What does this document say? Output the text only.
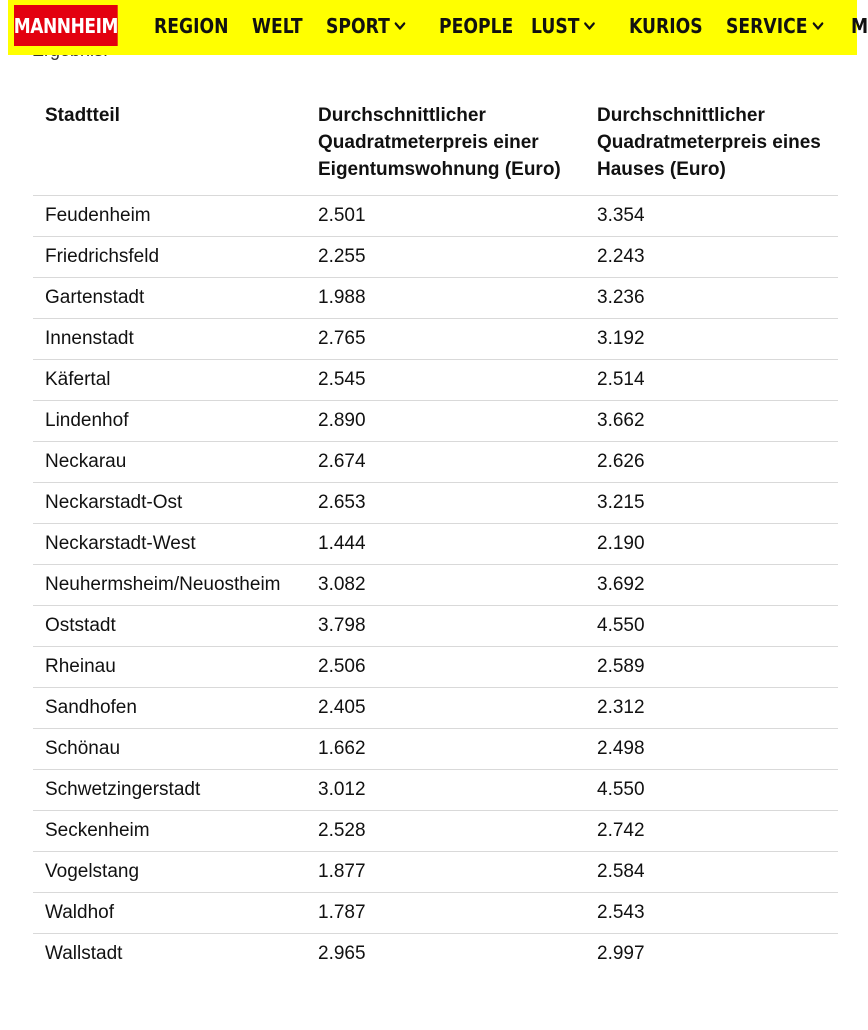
MANNHEIM REGION WELT SPORT PEOPLE LUST KURIOS SERVICE M
Stadtteil	Durchschnittlicher Quadratmeterpreis einer Eigentumswohnung (Euro)	Durchschnittlicher Quadratmeterpreis eines Hauses (Euro)
Feudenheim	2.501	3.354
Friedrichsfeld	2.255	2.243
Gartenstadt	1.988	3.236
Innenstadt	2.765	3.192
Käfertal	2.545	2.514
Lindenhof	2.890	3.662
Neckarau	2.674	2.626
Neckarstadt-Ost	2.653	3.215
Neckarstadt-West	1.444	2.190
Neuhermsheim/Neuostheim	3.082	3.692
Oststadt	3.798	4.550
Rheinau	2.506	2.589
Sandhofen	2.405	2.312
Schönau	1.662	2.498
Schwetzingerstadt	3.012	4.550
Seckenheim	2.528	2.742
Vogelstang	1.877	2.584
Waldhof	1.787	2.543
Wallstadt	2.965	2.997
